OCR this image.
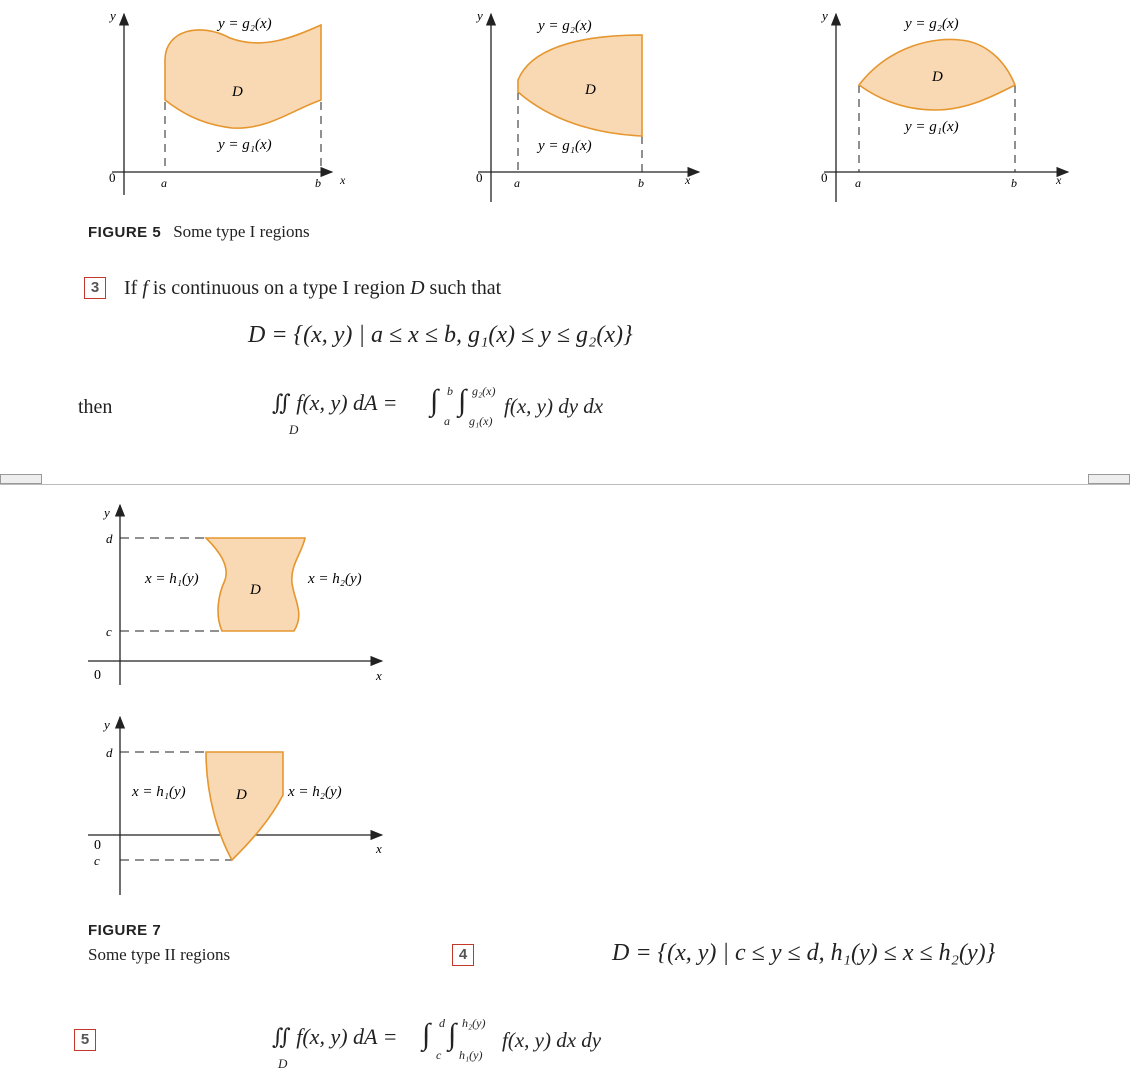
y
0	a	b x
y = g₂(x)
y = g₁(x)
D
y
0	a	b	x
y = g₂(x)
y = g₁(x)
D
y
0 a	b	x
y = g₂(x)
y = g₁(x)
D
FIGURE 5 Some type I regions
3	If f is continuous on a type I region D such that
D = {(x, y) | a ≤ x ≤ b, g₁(x) ≤ y ≤ g₂(x)}
then	∬ f(x, y) dA =
D
∫ b
a
∫ g₂(x)
g₁(x)
f(x, y) dy dx
y
d
c
0	x
x = h₁(y)	x = h₂(y)
D
y
d
0
c
x
x = h₁(y)	x = h₂(y)
D
FIGURE 7
Some type II regions	4	D = {(x, y) | c ≤ y ≤ d, h₁(y) ≤ x ≤ h₂(y)}
5	∬ f(x, y) dA =
D
∫ d
c
∫ h₂(y)
h₁(y)
f(x, y) dx dy
